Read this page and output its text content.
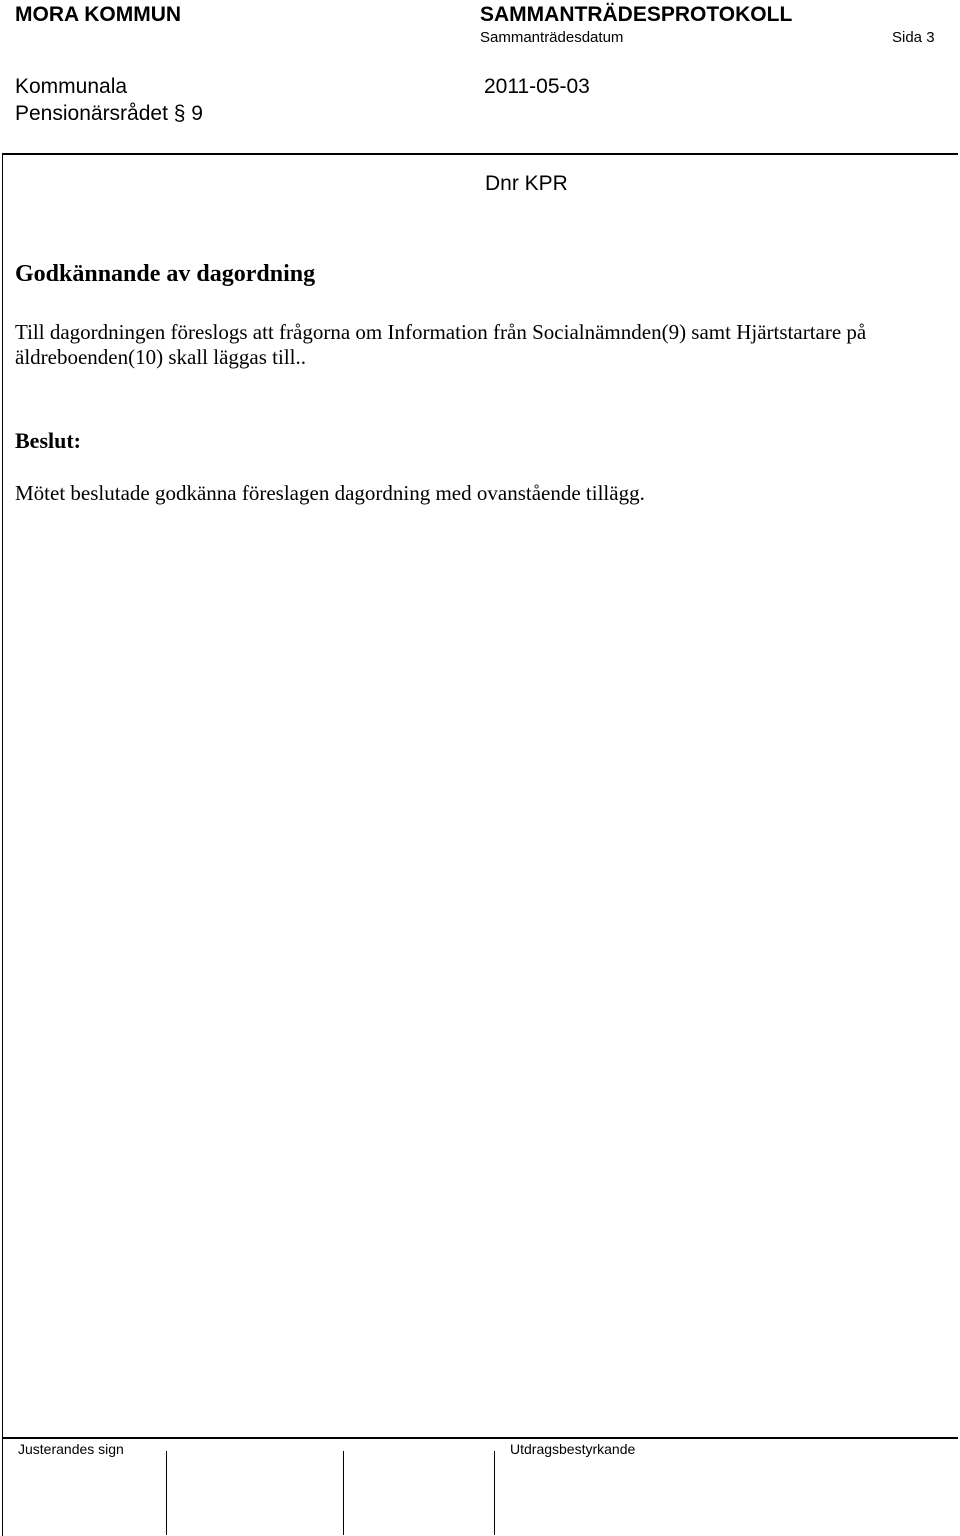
MORA KOMMUN	SAMMANTRÄDESPROTOKOLL
Sammanträdesdatum	Sida 3
Kommunala	2011-05-03
Pensionärsrådet § 9
Dnr KPR
Godkännande av dagordning
Till dagordningen föreslogs att frågorna om Information från Socialnämnden(9) samt Hjärtstartare på äldreboenden(10) skall läggas till..
Beslut:
Mötet beslutade godkänna föreslagen dagordning med ovanstående tillägg.
Justerandes sign	Utdragsbestyrkande
